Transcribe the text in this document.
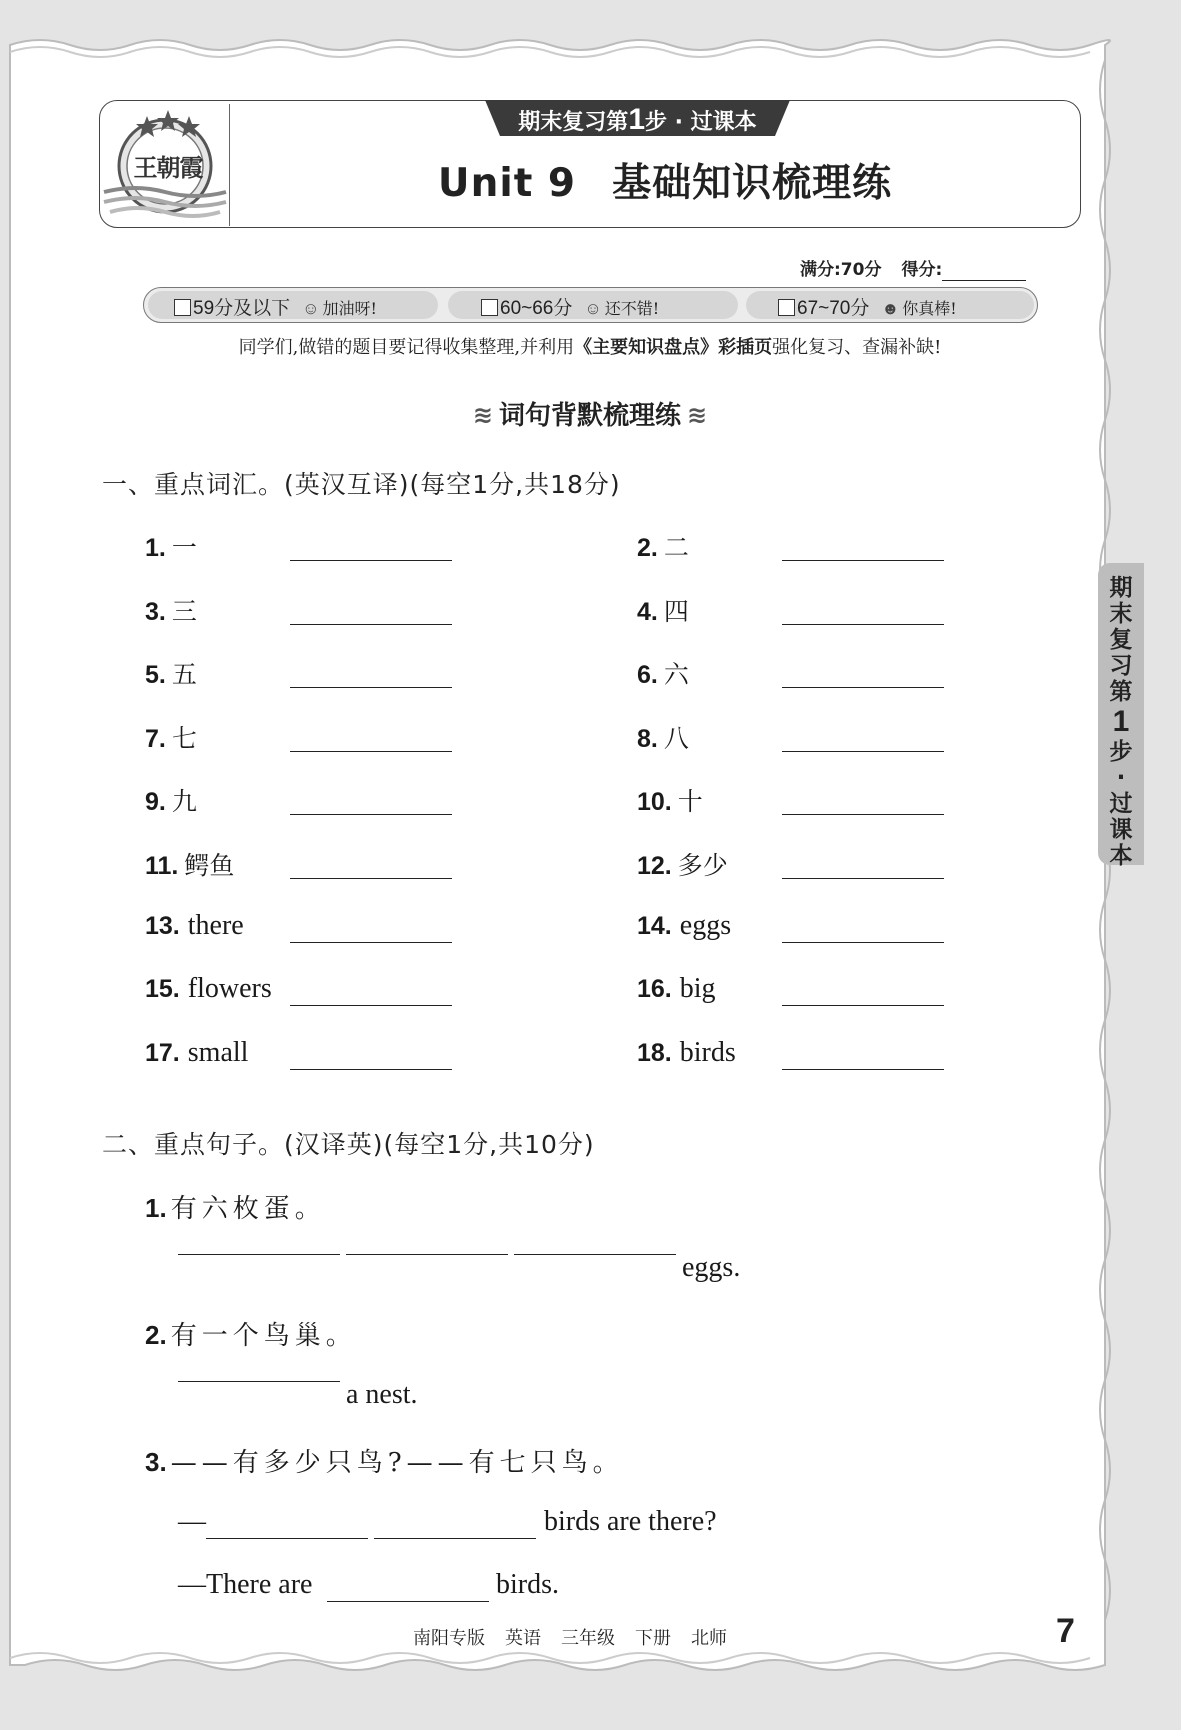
王朝霞
期末复习第1步 · 过课本
Unit 9 基础知识梳理练
满分:70分 得分:
59分及以下 ☺ 加油呀!	60~66分 ☺ 还不错!	67~70分 ☻ 你真棒!
同学们,做错的题目要记得收集整理,并利用《主要知识盘点》彩插页强化复习、查漏补缺!
≋ 词句背默梳理练 ≋
一、重点词汇。(英汉互译)(每空1分,共18分)
1. 一	2. 二
3. 三	4. 四
5. 五	6. 六
7. 七	8. 八
9. 九	10. 十
11. 鳄鱼	12. 多少
13. there	14. eggs
15. flowers	16. big
17. small	18. birds
二、重点句子。(汉译英)(每空1分,共10分)
1. 有六枚蛋。
eggs.
2. 有一个鸟巢。
a nest.
3. ——有多少只鸟?——有七只鸟。
—	birds are there?
—There are	birds.
期
末
复
习
第
1
步
·
过
课
本
南阳专版 英语 三年级 下册 北师	7
